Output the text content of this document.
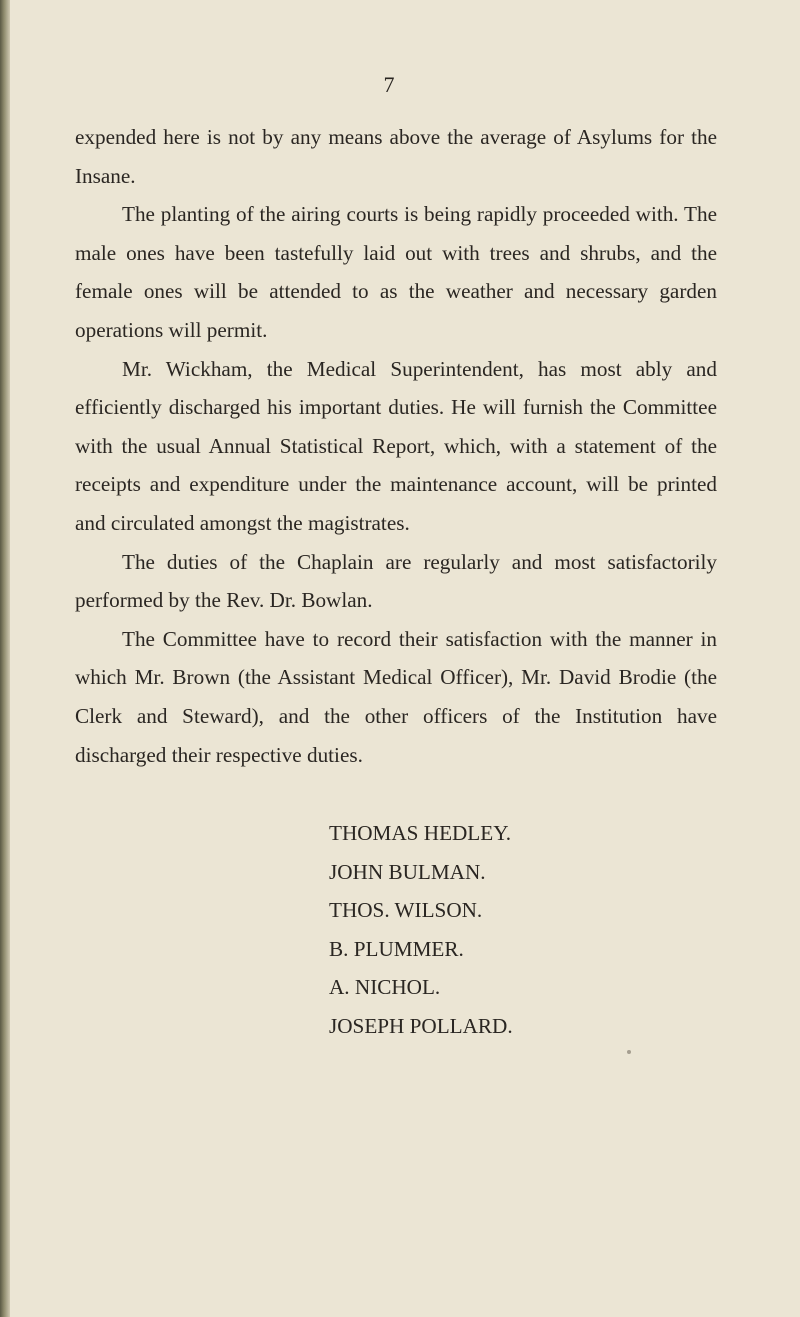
7

expended here is not by any means above the average of Asylums for the Insane.

The planting of the airing courts is being rapidly proceeded with. The male ones have been tastefully laid out with trees and shrubs, and the female ones will be attended to as the weather and necessary garden operations will permit.

Mr. Wickham, the Medical Superintendent, has most ably and efficiently discharged his important duties. He will furnish the Committee with the usual Annual Statistical Report, which, with a statement of the receipts and expenditure under the maintenance account, will be printed and circulated amongst the magistrates.

The duties of the Chaplain are regularly and most satisfactorily performed by the Rev. Dr. Bowlan.

The Committee have to record their satisfaction with the manner in which Mr. Brown (the Assistant Medical Officer), Mr. David Brodie (the Clerk and Steward), and the other officers of the Institution have discharged their respective duties.

THOMAS HEDLEY.
JOHN BULMAN.
THOS. WILSON.
B. PLUMMER.
A. NICHOL.
JOSEPH POLLARD.
